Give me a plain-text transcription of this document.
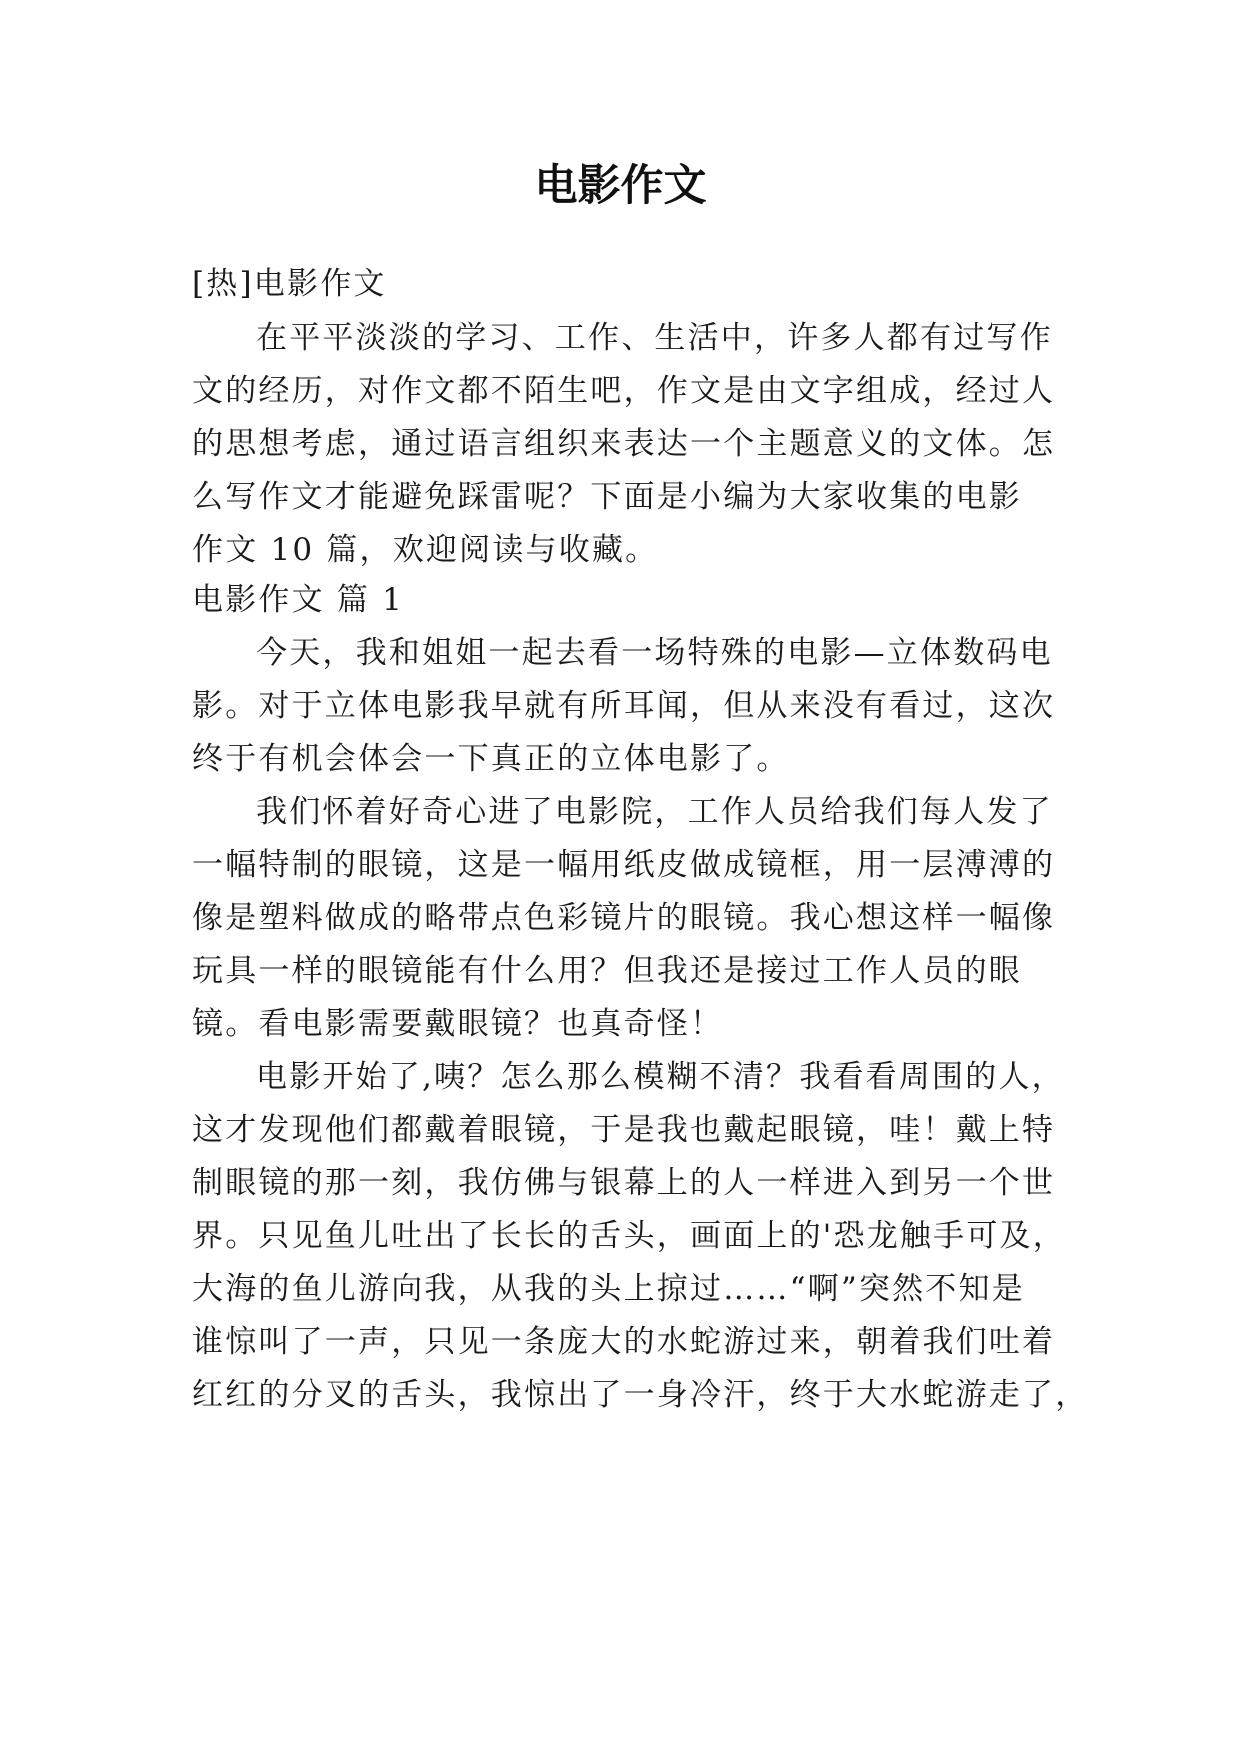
电影作文

[热]电影作文

在平平淡淡的学习、工作、生活中，许多人都有过写作

文的经历，对作文都不陌生吧，作文是由文字组成，经过人

的思想考虑，通过语言组织来表达一个主题意义的文体。怎

么写作文才能避免踩雷呢？下面是小编为大家收集的电影

作文 10 篇，欢迎阅读与收藏。

电影作文 篇 1

今天，我和姐姐一起去看一场特殊的电影—立体数码电

影。对于立体电影我早就有所耳闻，但从来没有看过，这次

终于有机会体会一下真正的立体电影了。

我们怀着好奇心进了电影院，工作人员给我们每人发了

一幅特制的眼镜，这是一幅用纸皮做成镜框，用一层溥溥的

像是塑料做成的略带点色彩镜片的眼镜。我心想这样一幅像

玩具一样的眼镜能有什么用？但我还是接过工作人员的眼

镜。看电影需要戴眼镜？也真奇怪！

电影开始了,咦？怎么那么模糊不清？我看看周围的人，

这才发现他们都戴着眼镜，于是我也戴起眼镜，哇！戴上特

制眼镜的那一刻，我仿佛与银幕上的人一样进入到另一个世

界。只见鱼儿吐出了长长的舌头，画面上的'恐龙触手可及，

大海的鱼儿游向我，从我的头上掠过……“啊”突然不知是

谁惊叫了一声，只见一条庞大的水蛇游过来，朝着我们吐着

红红的分叉的舌头，我惊出了一身冷汗，终于大水蛇游走了，
